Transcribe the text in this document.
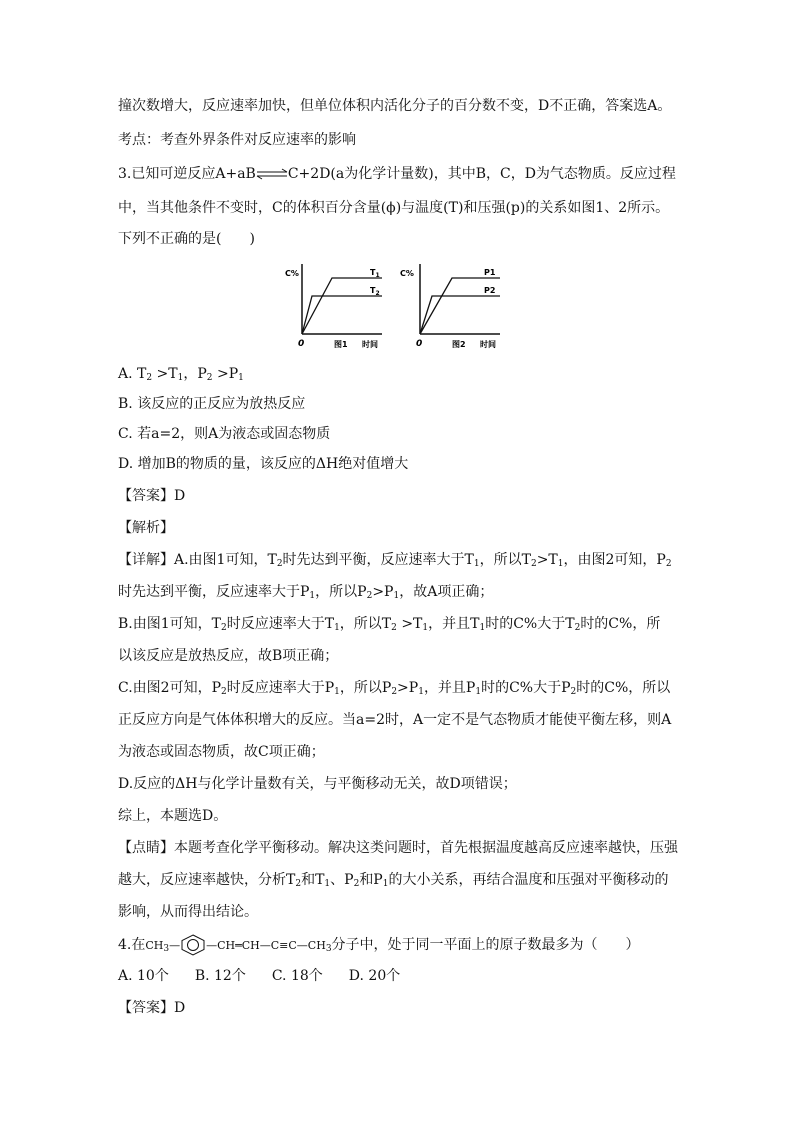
撞次数增大，反应速率加快，但单位体积内活化分子的百分数不变，D不正确，答案选A。
考点：考查外界条件对反应速率的影响
3.已知可逆反应A+aB⇌C+2D(a为化学计量数)，其中B，C，D为气态物质。反应过程
中，当其他条件不变时，C的体积百分含量(ϕ)与温度(T)和压强(p)的关系如图1、2所示。
下列不正确的是(　　)
C%
0
$T_1$
$T_2$
图1 时间
C%
0
P1
P2
图2 时间
A. $T_2 >T_1$，$P_2 >P_1$
B. 该反应的正反应为放热反应
C. 若a=2，则A为液态或固态物质
D. 增加B的物质的量，该反应的ΔH绝对值增大
【答案】D
【解析】
【详解】A.由图1可知，$T_2$时先达到平衡，反应速率大于$T_1$，所以$T_2>T_1$，由图2可知，$P_2$
时先达到平衡，反应速率大于$P_1$，所以$P_2>P_1$，故A项正确；
B.由图1可知，$T_2$时反应速率大于$T_1$，所以$T_2 >T_1$，并且$T_1$时的C%大于$T_2$时的C%，所
以该反应是放热反应，故B项正确；
C.由图2可知，$P_2$时反应速率大于$P_1$，所以$P_2>P_1$，并且$P_1$时的C%大于$P_2$时的C%，所以
正反应方向是气体体积增大的反应。当a=2时，A一定不是气态物质才能使平衡左移，则A
为液态或固态物质，故C项正确；
D.反应的ΔH与化学计量数有关，与平衡移动无关，故D项错误；
综上，本题选D。
【点睛】本题考查化学平衡移动。解决这类问题时，首先根据温度越高反应速率越快，压强
越大，反应速率越快，分析$T_2$和$T_1$、$P_2$和$P_1$的大小关系，再结合温度和压强对平衡移动的
影响，从而得出结论。
4.在$CH_3—$ $—CH═CH—C\equiv C—CH_3$分子中，处于同一平面上的原子数最多为（　　）
A. 10个 B. 12个 C. 18个 D. 20个
【答案】D
